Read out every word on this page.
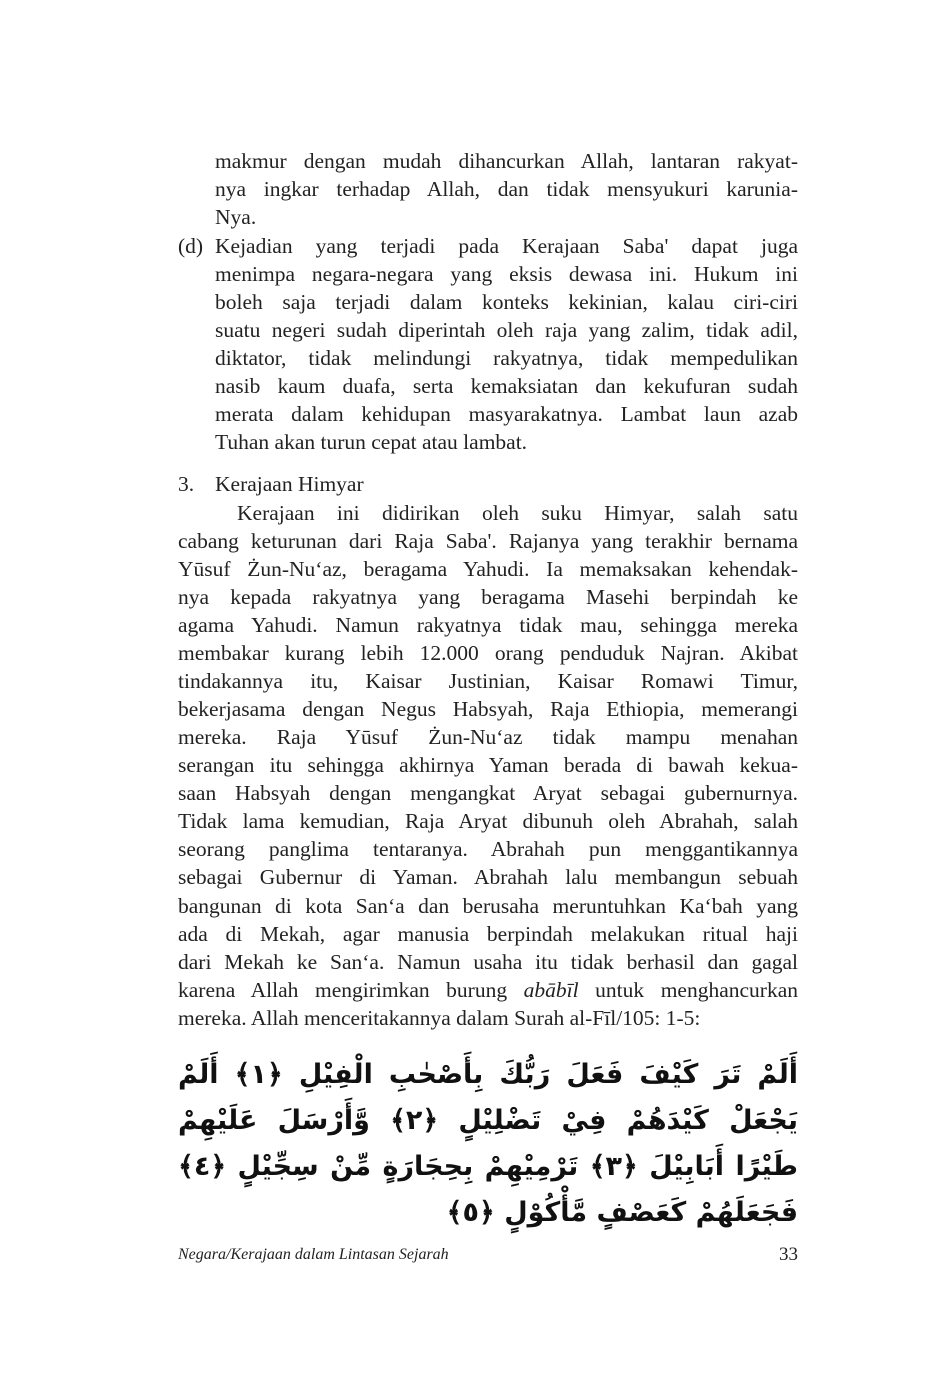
makmur dengan mudah dihancurkan Allah, lantaran rakyat-
nya ingkar terhadap Allah, dan tidak mensyukuri karunia-
Nya.
(d) Kejadian yang terjadi pada Kerajaan Saba' dapat juga
menimpa negara-negara yang eksis dewasa ini. Hukum ini
boleh saja terjadi dalam konteks kekinian, kalau ciri-ciri
suatu negeri sudah diperintah oleh raja yang zalim, tidak adil,
diktator, tidak melindungi rakyatnya, tidak mempedulikan
nasib kaum duafa, serta kemaksiatan dan kekufuran sudah
merata dalam kehidupan masyarakatnya. Lambat laun azab
Tuhan akan turun cepat atau lambat.
3. Kerajaan Himyar
Kerajaan ini didirikan oleh suku Himyar, salah satu
cabang keturunan dari Raja Saba'. Rajanya yang terakhir bernama
Yūsuf Żun-Nu‘az, beragama Yahudi. Ia memaksakan kehendak-
nya kepada rakyatnya yang beragama Masehi berpindah ke
agama Yahudi. Namun rakyatnya tidak mau, sehingga mereka
membakar kurang lebih 12.000 orang penduduk Najran. Akibat
tindakannya itu, Kaisar Justinian, Kaisar Romawi Timur,
bekerjasama dengan Negus Habsyah, Raja Ethiopia, memerangi
mereka. Raja Yūsuf Żun-Nu‘az tidak mampu menahan
serangan itu sehingga akhirnya Yaman berada di bawah kekua-
saan Habsyah dengan mengangkat Aryat sebagai gubernurnya.
Tidak lama kemudian, Raja Aryat dibunuh oleh Abrahah, salah
seorang panglima tentaranya. Abrahah pun menggantikannya
sebagai Gubernur di Yaman. Abrahah lalu membangun sebuah
bangunan di kota San‘a dan berusaha meruntuhkan Ka‘bah yang
ada di Mekah, agar manusia berpindah melakukan ritual haji
dari Mekah ke San‘a. Namun usaha itu tidak berhasil dan gagal
karena Allah mengirimkan burung abābīl untuk menghancurkan
mereka. Allah menceritakannya dalam Surah al-Fīl/105: 1-5:
أَلَمْ تَرَ كَيْفَ فَعَلَ رَبُّكَ بِأَصْحٰبِ الْفِيْلِ ﴿١﴾ أَلَمْ يَجْعَلْ كَيْدَهُمْ فِيْ تَضْلِيْلٍ ﴿٢﴾ وَّأَرْسَلَ عَلَيْهِمْ طَيْرًا أَبَابِيْلَ ﴿٣﴾ تَرْمِيْهِمْ بِحِجَارَةٍ مِّنْ سِجِّيْلٍ ﴿٤﴾ فَجَعَلَهُمْ كَعَصْفٍ مَّأْكُوْلٍ ﴿٥﴾
Negara/Kerajaan dalam Lintasan Sejarah	33
